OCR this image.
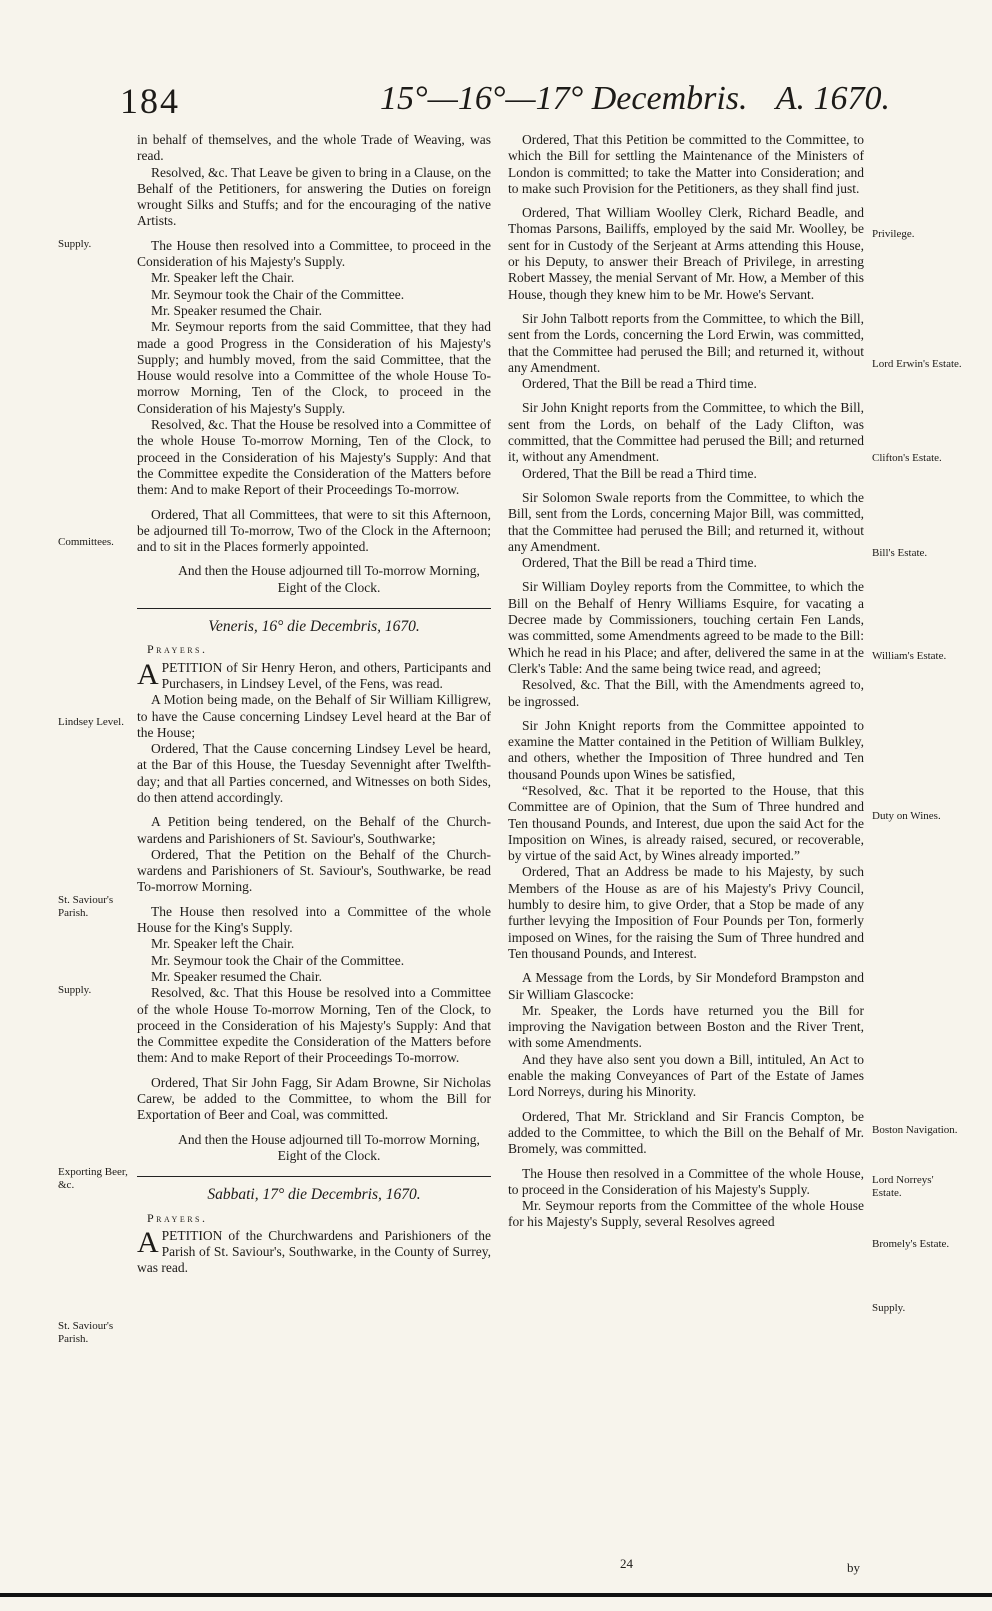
184	15°—16°—17° Decembris. A. 1670.
Supply.
Committees.
Lindsey Level.
St. Saviour's Parish.
Supply.
Exporting Beer, &c.
St. Saviour's Parish.
Privilege.
Lord Erwin's Estate.
Clifton's Estate.
Bill's Estate.
William's Estate.
Duty on Wines.
Boston Navigation.
Lord Norreys' Estate.
Bromely's Estate.
Supply.

in behalf of themselves, and the whole Trade of Weaving, was read.

Resolved, &c. That Leave be given to bring in a Clause, on the Behalf of the Petitioners, for answering the Duties on foreign wrought Silks and Stuffs; and for the encouraging of the native Artists.

The House then resolved into a Committee, to proceed in the Consideration of his Majesty's Supply.

Mr. Speaker left the Chair.

Mr. Seymour took the Chair of the Committee.

Mr. Speaker resumed the Chair.

Mr. Seymour reports from the said Committee, that they had made a good Progress in the Consideration of his Majesty's Supply; and humbly moved, from the said Committee, that the House would resolve into a Committee of the whole House To-morrow Morning, Ten of the Clock, to proceed in the Consideration of his Majesty's Supply.

Resolved, &c. That the House be resolved into a Committee of the whole House To-morrow Morning, Ten of the Clock, to proceed in the Consideration of his Majesty's Supply: And that the Committee expedite the Consideration of the Matters before them: And to make Report of their Proceedings To-morrow.

Ordered, That all Committees, that were to sit this Afternoon, be adjourned till To-morrow, Two of the Clock in the Afternoon; and to sit in the Places formerly appointed.

And then the House adjourned till To-morrow Morning, Eight of the Clock.

Veneris, 16° die Decembris, 1670.

Prayers.

APETITION of Sir Henry Heron, and others, Participants and Purchasers, in Lindsey Level, of the Fens, was read.

A Motion being made, on the Behalf of Sir William Killigrew, to have the Cause concerning Lindsey Level heard at the Bar of the House;

Ordered, That the Cause concerning Lindsey Level be heard, at the Bar of this House, the Tuesday Sevennight after Twelfth-day; and that all Parties concerned, and Witnesses on both Sides, do then attend accordingly.

A Petition being tendered, on the Behalf of the Church-wardens and Parishioners of St. Saviour's, Southwarke;

Ordered, That the Petition on the Behalf of the Church-wardens and Parishioners of St. Saviour's, Southwarke, be read To-morrow Morning.

The House then resolved into a Committee of the whole House for the King's Supply.

Mr. Speaker left the Chair.

Mr. Seymour took the Chair of the Committee.

Mr. Speaker resumed the Chair.

Resolved, &c. That this House be resolved into a Committee of the whole House To-morrow Morning, Ten of the Clock, to proceed in the Consideration of his Majesty's Supply: And that the Committee expedite the Consideration of the Matters before them: And to make Report of their Proceedings To-morrow.

Ordered, That Sir John Fagg, Sir Adam Browne, Sir Nicholas Carew, be added to the Committee, to whom the Bill for Exportation of Beer and Coal, was committed.

And then the House adjourned till To-morrow Morning, Eight of the Clock.

Sabbati, 17° die Decembris, 1670.

Prayers.

APETITION of the Churchwardens and Parishioners of the Parish of St. Saviour's, Southwarke, in the County of Surrey, was read.

Ordered, That this Petition be committed to the Committee, to which the Bill for settling the Maintenance of the Ministers of London is committed; to take the Matter into Consideration; and to make such Provision for the Petitioners, as they shall find just.

Ordered, That William Woolley Clerk, Richard Beadle, and Thomas Parsons, Bailiffs, employed by the said Mr. Woolley, be sent for in Custody of the Serjeant at Arms attending this House, or his Deputy, to answer their Breach of Privilege, in arresting Robert Massey, the menial Servant of Mr. How, a Member of this House, though they knew him to be Mr. Howe's Servant.

Sir John Talbott reports from the Committee, to which the Bill, sent from the Lords, concerning the Lord Erwin, was committed, that the Committee had perused the Bill; and returned it, without any Amendment.

Ordered, That the Bill be read a Third time.

Sir John Knight reports from the Committee, to which the Bill, sent from the Lords, on behalf of the Lady Clifton, was committed, that the Committee had perused the Bill; and returned it, without any Amendment.

Ordered, That the Bill be read a Third time.

Sir Solomon Swale reports from the Committee, to which the Bill, sent from the Lords, concerning Major Bill, was committed, that the Committee had perused the Bill; and returned it, without any Amendment.

Ordered, That the Bill be read a Third time.

Sir William Doyley reports from the Committee, to which the Bill on the Behalf of Henry Williams Esquire, for vacating a Decree made by Commissioners, touching certain Fen Lands, was committed, some Amendments agreed to be made to the Bill: Which he read in his Place; and after, delivered the same in at the Clerk's Table: And the same being twice read, and agreed;

Resolved, &c. That the Bill, with the Amendments agreed to, be ingrossed.

Sir John Knight reports from the Committee appointed to examine the Matter contained in the Petition of William Bulkley, and others, whether the Imposition of Three hundred and Ten thousand Pounds upon Wines be satisfied,

“Resolved, &c. That it be reported to the House, that this Committee are of Opinion, that the Sum of Three hundred and Ten thousand Pounds, and Interest, due upon the said Act for the Imposition on Wines, is already raised, secured, or recoverable, by virtue of the said Act, by Wines already imported.”

Ordered, That an Address be made to his Majesty, by such Members of the House as are of his Majesty's Privy Council, humbly to desire him, to give Order, that a Stop be made of any further levying the Imposition of Four Pounds per Ton, formerly imposed on Wines, for the raising the Sum of Three hundred and Ten thousand Pounds, and Interest.

A Message from the Lords, by Sir Mondeford Brampston and Sir William Glascocke:

Mr. Speaker, the Lords have returned you the Bill for improving the Navigation between Boston and the River Trent, with some Amendments.

And they have also sent you down a Bill, intituled, An Act to enable the making Conveyances of Part of the Estate of James Lord Norreys, during his Minority.

Ordered, That Mr. Strickland and Sir Francis Compton, be added to the Committee, to which the Bill on the Behalf of Mr. Bromely, was committed.

The House then resolved in a Committee of the whole House, to proceed in the Consideration of his Majesty's Supply.

Mr. Seymour reports from the Committee of the whole House for his Majesty's Supply, several Resolves agreed

24	by
